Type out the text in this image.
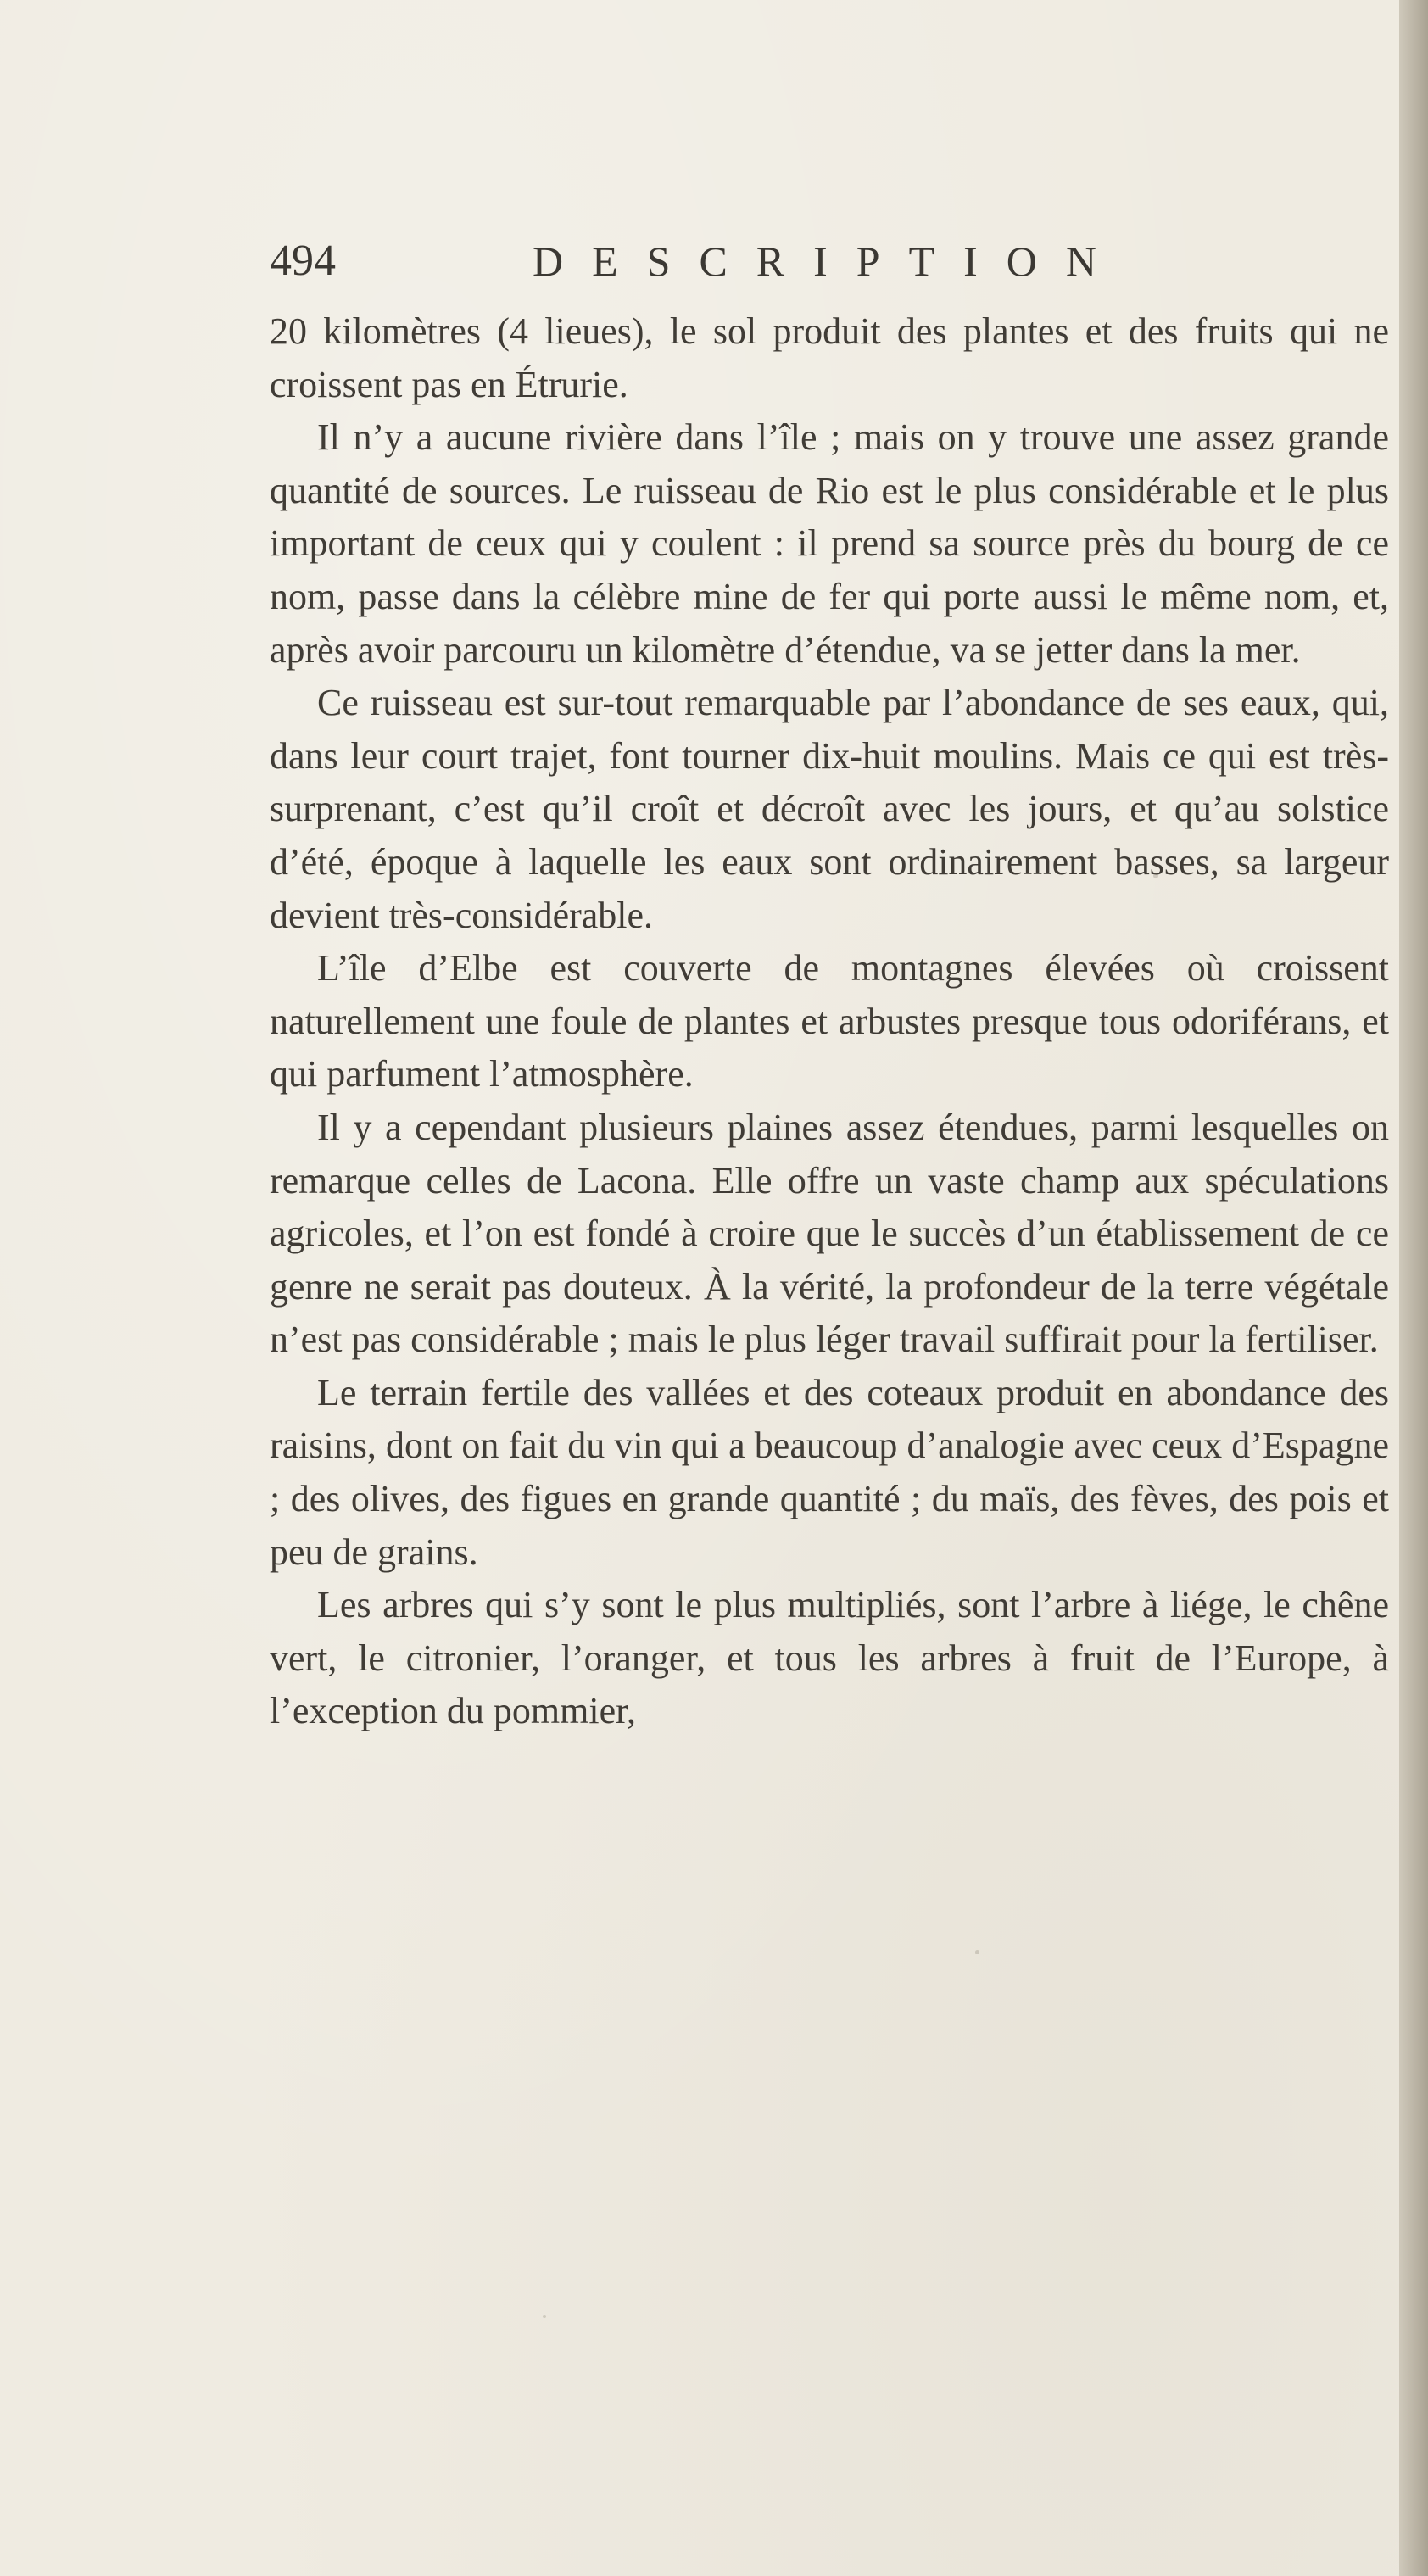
494	DESCRIPTION

20 kilomètres (4 lieues), le sol produit des plantes et des fruits qui ne croissent pas en Étrurie.

Il n’y a aucune rivière dans l’île ; mais on y trouve une assez grande quantité de sources. Le ruisseau de Rio est le plus considérable et le plus important de ceux qui y coulent : il prend sa source près du bourg de ce nom, passe dans la célèbre mine de fer qui porte aussi le même nom, et, après avoir parcouru un kilomètre d’étendue, va se jetter dans la mer.

Ce ruisseau est sur-tout remarquable par l’abondance de ses eaux, qui, dans leur court trajet, font tourner dix-huit moulins. Mais ce qui est très-surprenant, c’est qu’il croît et décroît avec les jours, et qu’au solstice d’été, époque à laquelle les eaux sont ordinairement basses, sa largeur devient très-considérable.

L’île d’Elbe est couverte de montagnes élevées où croissent naturellement une foule de plantes et arbustes presque tous odoriférans, et qui parfument l’atmosphère.

Il y a cependant plusieurs plaines assez étendues, parmi lesquelles on remarque celles de Lacona. Elle offre un vaste champ aux spéculations agricoles, et l’on est fondé à croire que le succès d’un établissement de ce genre ne serait pas douteux. À la vérité, la profondeur de la terre végétale n’est pas considérable ; mais le plus léger travail suffirait pour la fertiliser.

Le terrain fertile des vallées et des coteaux produit en abondance des raisins, dont on fait du vin qui a beaucoup d’analogie avec ceux d’Espagne ; des olives, des figues en grande quantité ; du maïs, des fèves, des pois et peu de grains.

Les arbres qui s’y sont le plus multipliés, sont l’arbre à liége, le chêne vert, le citronier, l’oranger, et tous les arbres à fruit de l’Europe, à l’exception du pommier,
